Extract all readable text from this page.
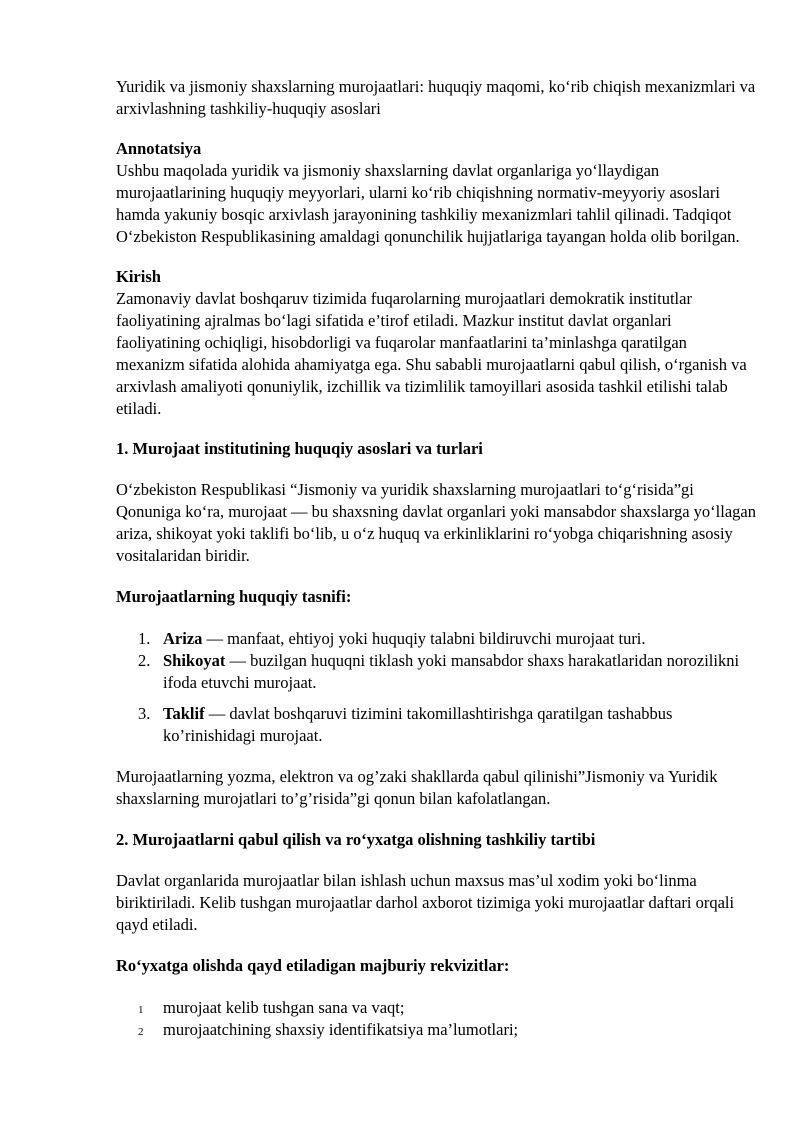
Yuridik va jismoniy shaxslarning murojaatlari: huquqiy maqomi, ko‘rib chiqish mexanizmlari va arxivlashning tashkiliy-huquqiy asoslari

Annotatsiya

Ushbu maqolada yuridik va jismoniy shaxslarning davlat organlariga yo‘llaydigan murojaatlarining huquqiy meyyorlari, ularni ko‘rib chiqishning normativ-meyyoriy asoslari hamda yakuniy bosqic arxivlash jarayonining tashkiliy mexanizmlari tahlil qilinadi. Tadqiqot O‘zbekiston Respublikasining amaldagi qonunchilik hujjatlariga tayangan holda olib borilgan.

Kirish

Zamonaviy davlat boshqaruv tizimida fuqarolarning murojaatlari demokratik institutlar faoliyatining ajralmas bo‘lagi sifatida e’tirof etiladi. Mazkur institut davlat organlari faoliyatining ochiqligi, hisobdorligi va fuqarolar manfaatlarini ta’minlashga qaratilgan mexanizm sifatida alohida ahamiyatga ega. Shu sababli murojaatlarni qabul qilish, o‘rganish va arxivlash amaliyoti qonuniylik, izchillik va tizimlilik tamoyillari asosida tashkil etilishi talab etiladi.

1. Murojaat institutining huquqiy asoslari va turlari

O‘zbekiston Respublikasi “Jismoniy va yuridik shaxslarning murojaatlari to‘g‘risida”gi Qonuniga ko‘ra, murojaat — bu shaxsning davlat organlari yoki mansabdor shaxslarga yo‘llagan ariza, shikoyat yoki taklifi bo‘lib, u o‘z huquq va erkinliklarini ro‘yobga chiqarishning asosiy vositalaridan biridir.

Murojaatlarning huquqiy tasnifi:

1. Ariza — manfaat, ehtiyoj yoki huquqiy talabni bildiruvchi murojaat turi.
2. Shikoyat — buzilgan huquqni tiklash yoki mansabdor shaxs harakatlaridan norozilikni ifoda etuvchi murojaat.
3. Taklif — davlat boshqaruvi tizimini takomillashtirishga qaratilgan tashabbus ko’rinishidagi murojaat.

Murojaatlarning yozma, elektron va og’zaki shakllarda qabul qilinishi”Jismoniy va Yuridik shaxslarning murojatlari to’g’risida”gi qonun bilan kafolatlangan.

2. Murojaatlarni qabul qilish va ro‘yxatga olishning tashkiliy tartibi

Davlat organlarida murojaatlar bilan ishlash uchun maxsus mas’ul xodim yoki bo‘linma biriktiriladi. Kelib tushgan murojaatlar darhol axborot tizimiga yoki murojaatlar daftari orqali qayd etiladi.

Ro‘yxatga olishda qayd etiladigan majburiy rekvizitlar:

1 murojaat kelib tushgan sana va vaqt;
2 murojaatchining shaxsiy identifikatsiya ma’lumotlari;
